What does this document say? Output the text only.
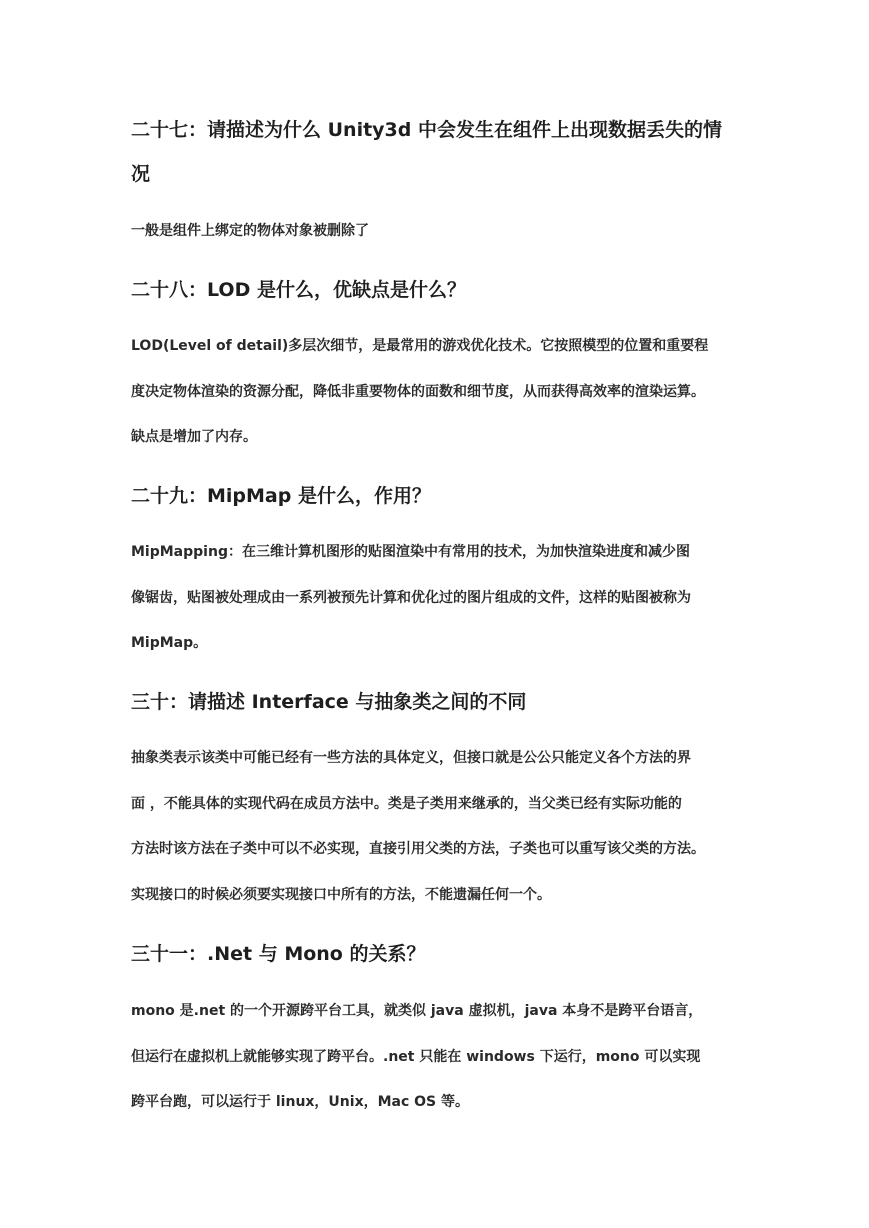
二十七：请描述为什么 Unity3d 中会发生在组件上出现数据丢失的情
况
一般是组件上绑定的物体对象被删除了
二十八：LOD 是什么，优缺点是什么？
LOD(Level of detail)多层次细节，是最常用的游戏优化技术。它按照模型的位置和重要程
度决定物体渲染的资源分配，降低非重要物体的面数和细节度，从而获得高效率的渲染运算。
缺点是增加了内存。
二十九：MipMap 是什么，作用？
MipMapping：在三维计算机图形的贴图渲染中有常用的技术，为加快渲染进度和减少图
像锯齿，贴图被处理成由一系列被预先计算和优化过的图片组成的文件，这样的贴图被称为
MipMap。
三十：请描述 Interface 与抽象类之间的不同
抽象类表示该类中可能已经有一些方法的具体定义，但接口就是公公只能定义各个方法的界
面 ，不能具体的实现代码在成员方法中。类是子类用来继承的，当父类已经有实际功能的
方法时该方法在子类中可以不必实现，直接引用父类的方法，子类也可以重写该父类的方法。
实现接口的时候必须要实现接口中所有的方法，不能遗漏任何一个。
三十一：.Net 与 Mono 的关系？
mono 是.net 的一个开源跨平台工具，就类似 java 虚拟机，java 本身不是跨平台语言，
但运行在虚拟机上就能够实现了跨平台。.net 只能在 windows 下运行，mono 可以实现
跨平台跑，可以运行于 linux，Unix，Mac OS 等。
